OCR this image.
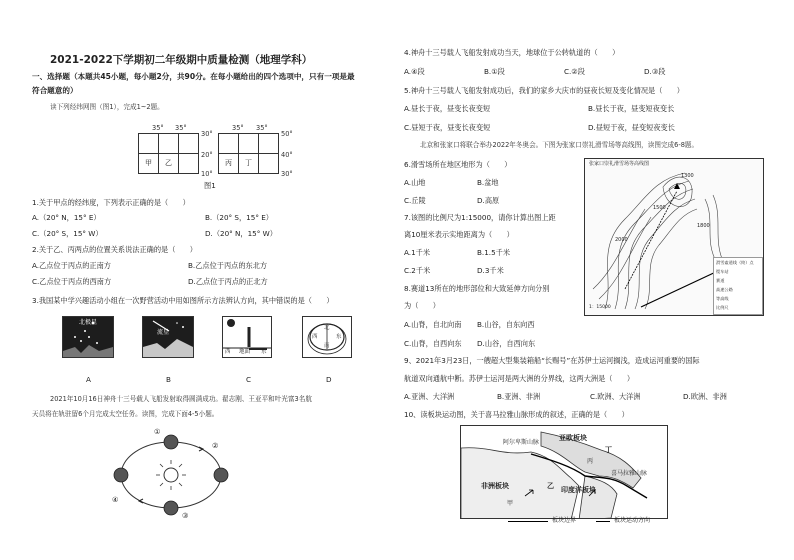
2021-2022下学期初二年级期中质量检测（地理学科）
一、选择题（本题共45小题，每小题2分，共90分。在每小题给出的四个选项中，只有一项是最
符合题意的）
读下列经纬网图（图1），完成1~2题。
35° 35°

甲	乙	
30°
20°
10°
35° 35°

丙	丁	
50°
40°
30°
图1
1.关于甲点的经纬度，下列表示正确的是（　　）
A.（20° N，15° E）	B.（20° S，15° E）
C.（20° S，15° W）	D.（20° N，15° W）
2.关于乙、丙两点的位置关系说法正确的是（　　）
A.乙点位于丙点的正南方	B.乙点位于丙点的东北方
C.乙点位于丙点的西南方	D.乙点位于丙点的正北方
3.我国某中学兴趣活动小组在一次野营活动中用如图所示方法辨认方向，其中错误的是（　　）
北极星
流星
西 地面 东
北
西	东
南
A	B	C	D
2021年10月16日神舟十三号载人飞船发射取得圆满成功。翟志刚、王亚平和叶光富3名航
天员将在轨驻留6个月完成太空任务。读图，完成下面4-5小题。
①
②
③
④
4.神舟十三号载人飞船发射成功当天，地球位于公转轨道的（　　）
A.④段	B.①段	C.②段	D.③段
5.神舟十三号载人飞船发射成功后，我们的家乡大庆市的昼夜长短及变化情况是（　　）
A.昼长于夜，昼变长夜变短	B.昼长于夜，昼变短夜变长
C.昼短于夜，昼变长夜变短	D.昼短于夜，昼变短夜变长
北京和张家口将联合举办2022年冬奥会。下图为张家口崇礼滑雪场等高线图，读图完成6-8题。
6.滑雪场所在地区地形为（　　）
A.山地	B.盆地
C.丘陵	D.高原
7.该图的比例尺为1:15000，请你计算出图上距
离10厘米表示实地距离为（　　）
A.1千米	B.1.5千米
C.2千米	D.3千米
8.赛道13所在的地形部位和大致延伸方向分别
为（　　）
A.山脊，自北向南 B.山谷，自东向西
C.山脊，自西向东 D.山谷，自西向东
张家口崇礼滑雪场等高线图
1300
1500
2000
1800
滑雪索道线（终）点
缆车站
赛道
高速公路
等高线
比例尺
1：15000
9、2021年3月23日，一艘超大型集装箱船“长赐号”在苏伊士运河搁浅，造成运河重要的国际
航道双向通航中断。苏伊士运河是两大洲的分界线，这两大洲是（　　）
A.亚洲、大洋洲	B.亚洲、非洲	C.欧洲、大洋洲	D.欧洲、非洲
10、读板块运动图，关于喜马拉雅山脉形成的叙述，正确的是（　　）
阿尔卑斯山脉
亚欧板块
丁
丙
喜马拉雅山脉
非洲板块	乙 印度洋板块
甲
板块边界	板块运动方向
